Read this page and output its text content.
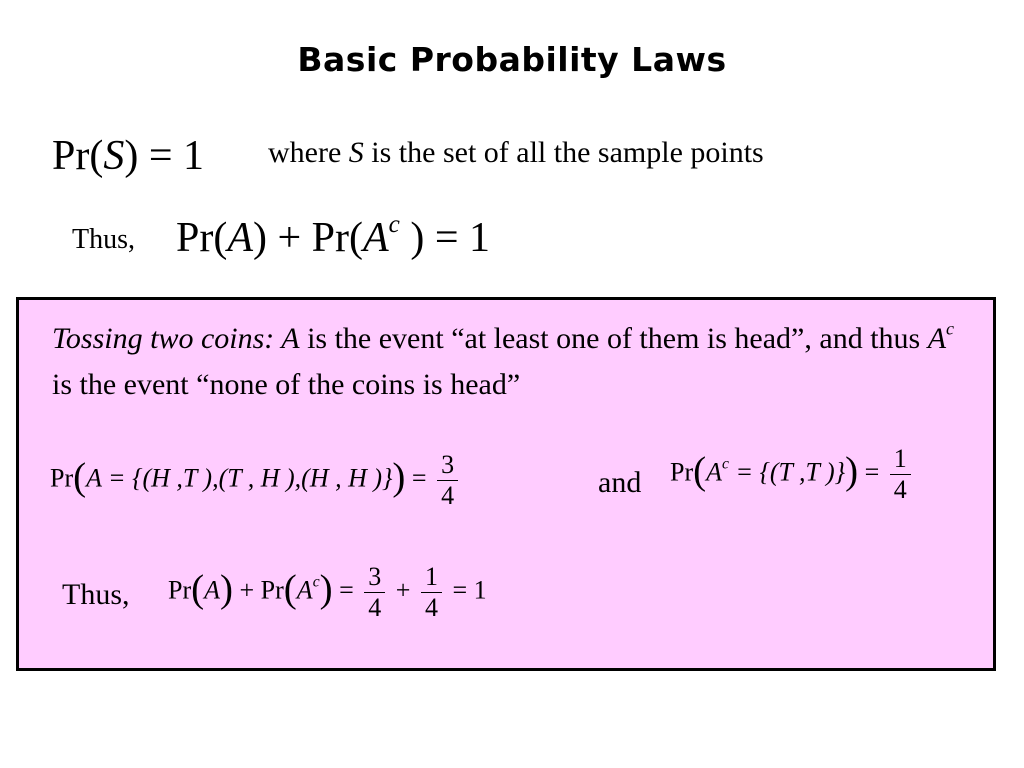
Basic Probability Laws
Pr(S) = 1 where S is the set of all the sample points
Thus, $Pr(A) + Pr(A^c$ ) = 1
Tossing two coins: A is the event “at least one of them is head”, and thus $A^c$ is the event “none of the coins is head”
Pr(A = {(H ,T ),(T , H ),(H , H )}) = $\frac{3}{4}$	and $Pr(A^c = \{(T$ ,T )}) = $\frac{1}{4}$
Thus, $Pr(A) + Pr(A^c) = \frac{3}{4} + \frac{1}{4} = 1$
